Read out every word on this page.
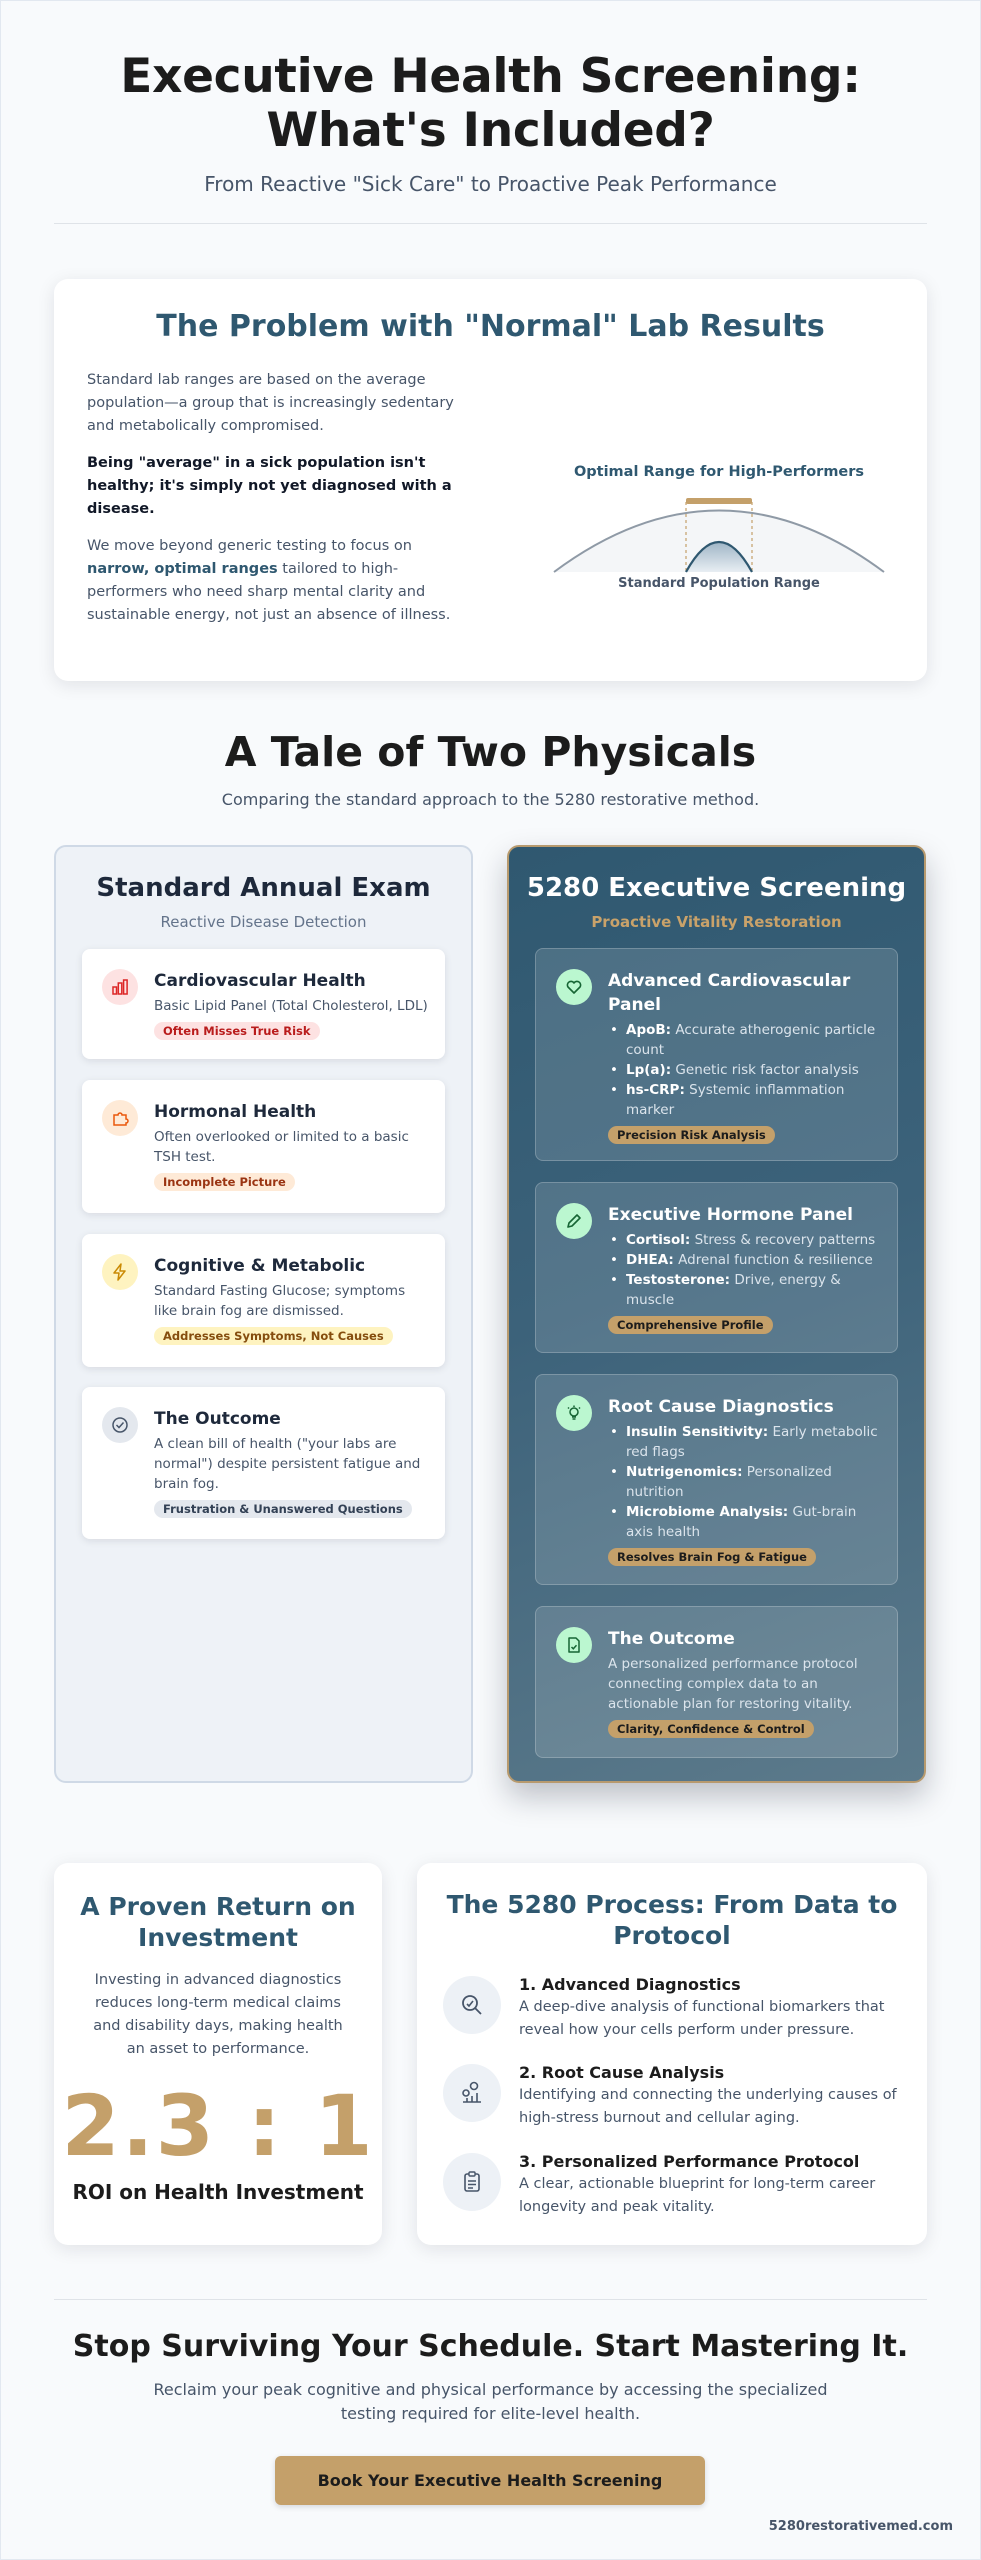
Executive Health Screening:
What's Included?
From Reactive "Sick Care" to Proactive Peak Performance
The Problem with "Normal" Lab Results

Standard lab ranges are based on the average population—a group that is increasingly sedentary and metabolically compromised.

Being "average" in a sick population isn't healthy; it's simply not yet diagnosed with a disease.

We move beyond generic testing to focus on narrow, optimal ranges tailored to high-performers who need sharp mental clarity and sustainable energy, not just an absence of illness.

Optimal Range for High-Performers
Standard Population Range
A Tale of Two Physicals
Comparing the standard approach to the 5280 restorative method.
Standard Annual Exam
Reactive Disease Detection
Cardiovascular Health
Basic Lipid Panel (Total Cholesterol, LDL)
Often Misses True Risk
Hormonal Health
Often overlooked or limited to a basic TSH test.
Incomplete Picture
Cognitive & Metabolic
Standard Fasting Glucose; symptoms like brain fog are dismissed.
Addresses Symptoms, Not Causes
The Outcome
A clean bill of health ("your labs are normal") despite persistent fatigue and brain fog.
Frustration & Unanswered Questions
5280 Executive Screening
Proactive Vitality Restoration
Advanced Cardiovascular Panel
• ApoB: Accurate atherogenic particle count
• Lp(a): Genetic risk factor analysis
• hs-CRP: Systemic inflammation marker
Precision Risk Analysis
Executive Hormone Panel
• Cortisol: Stress & recovery patterns
• DHEA: Adrenal function & resilience
• Testosterone: Drive, energy & muscle
Comprehensive Profile
Root Cause Diagnostics
• Insulin Sensitivity: Early metabolic red flags
• Nutrigenomics: Personalized nutrition
• Microbiome Analysis: Gut-brain axis health
Resolves Brain Fog & Fatigue
The Outcome
A personalized performance protocol connecting complex data to an actionable plan for restoring vitality.
Clarity, Confidence & Control
A Proven Return on Investment

Investing in advanced diagnostics reduces long-term medical claims and disability days, making health an asset to performance.

2.3 : 1
ROI on Health Investment
The 5280 Process: From Data to Protocol
1. Advanced Diagnostics
A deep-dive analysis of functional biomarkers that reveal how your cells perform under pressure.
2. Root Cause Analysis
Identifying and connecting the underlying causes of high-stress burnout and cellular aging.
3. Personalized Performance Protocol
A clear, actionable blueprint for long-term career longevity and peak vitality.
Stop Surviving Your Schedule. Start Mastering It.

Reclaim your peak cognitive and physical performance by accessing the specialized testing required for elite-level health.

Book Your Executive Health Screening
5280restorativemed.com
